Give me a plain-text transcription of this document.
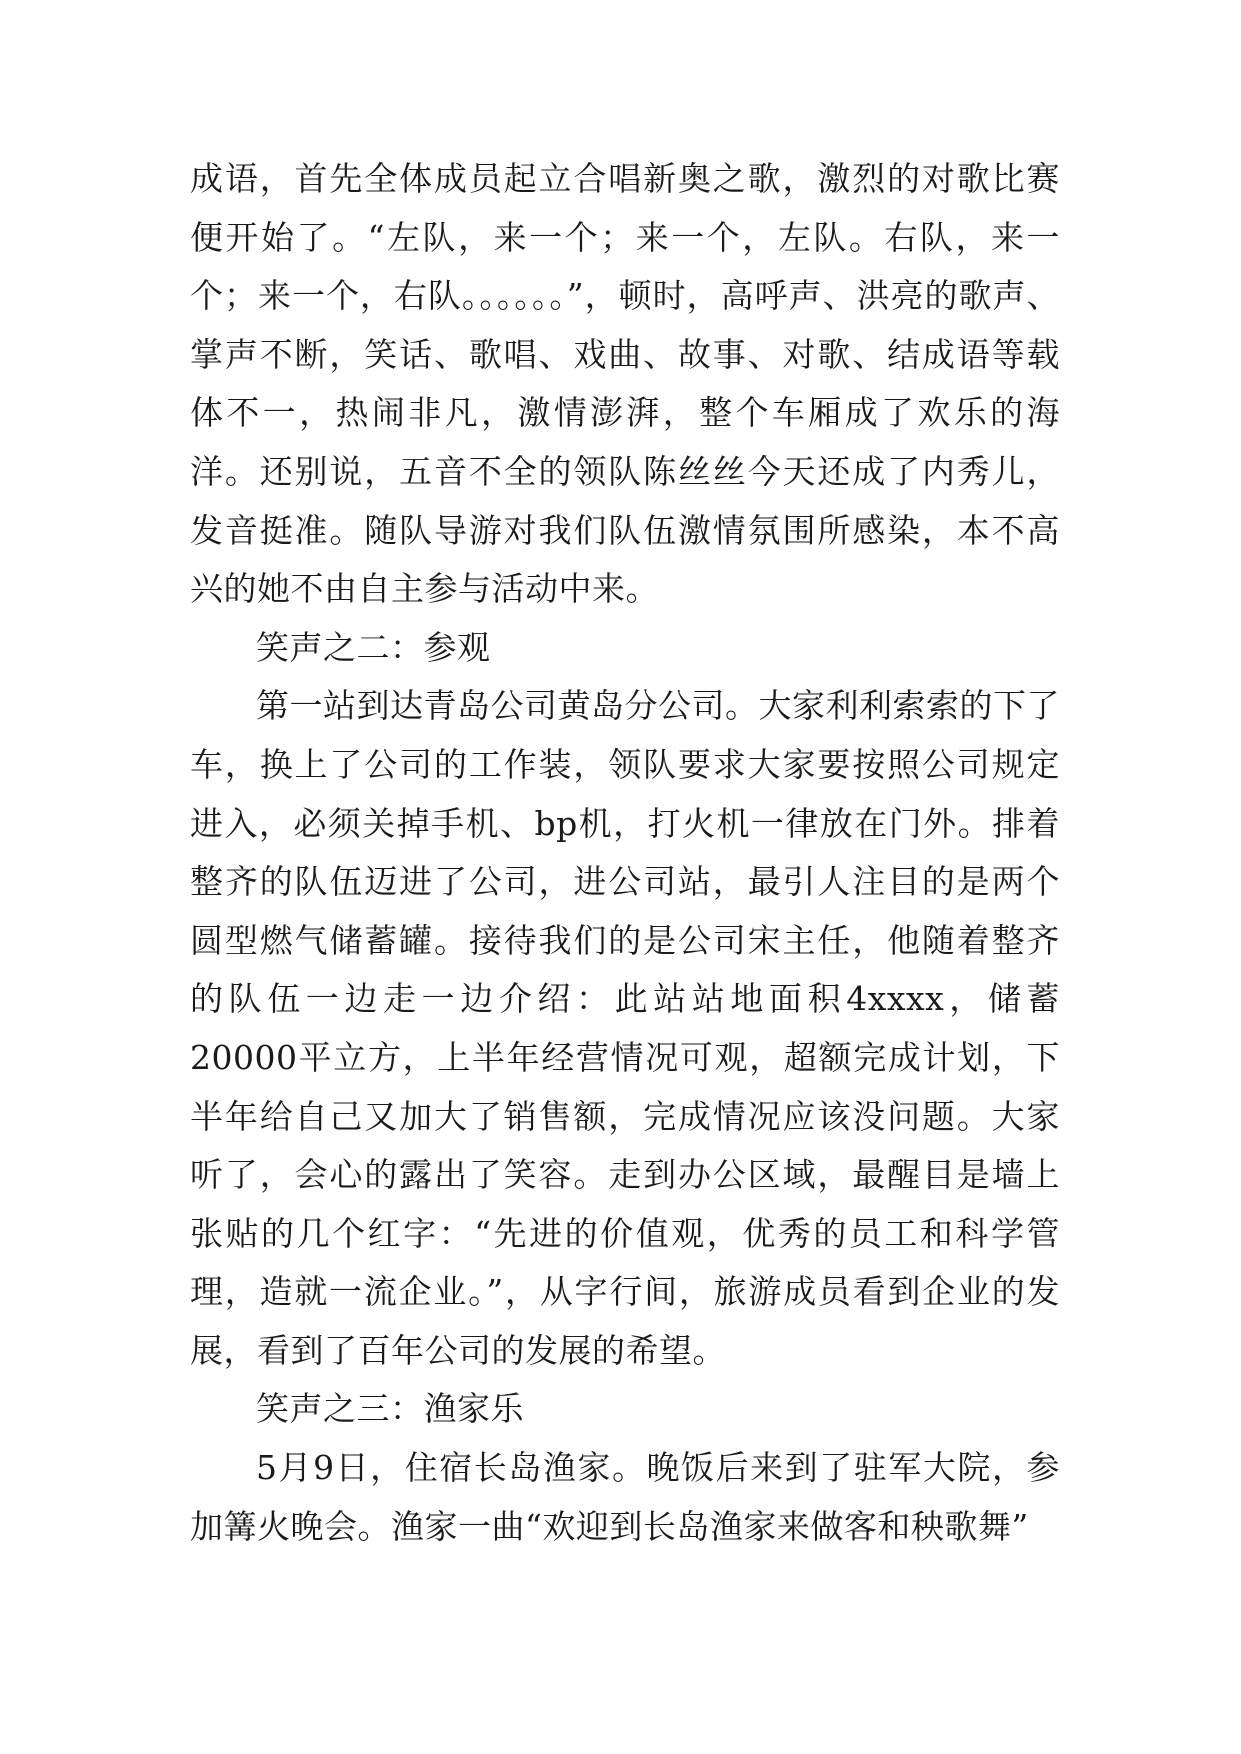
成语，首先全体成员起立合唱新奥之歌，激烈的对歌比赛便开始了。“左队，来一个；来一个，左队。右队，来一个；来一个，右队。。。。。。”，顿时，高呼声、洪亮的歌声、掌声不断，笑话、歌唱、戏曲、故事、对歌、结成语等载体不一，热闹非凡，激情澎湃，整个车厢成了欢乐的海洋。还别说，五音不全的领队陈丝丝今天还成了内秀儿，发音挺准。随队导游对我们队伍激情氛围所感染，本不高兴的她不由自主参与活动中来。

笑声之二：参观

第一站到达青岛公司黄岛分公司。大家利利索索的下了车，换上了公司的工作装，领队要求大家要按照公司规定进入，必须关掉手机、bp机，打火机一律放在门外。排着整齐的队伍迈进了公司，进公司站，最引人注目的是两个圆型燃气储蓄罐。接待我们的是公司宋主任，他随着整齐的队伍一边走一边介绍：此站站地面积4xxxx，储蓄20000平立方，上半年经营情况可观，超额完成计划，下半年给自己又加大了销售额，完成情况应该没问题。大家听了，会心的露出了笑容。走到办公区域，最醒目是墙上张贴的几个红字：“先进的价值观，优秀的员工和科学管理，造就一流企业。”，从字行间，旅游成员看到企业的发展，看到了百年公司的发展的希望。

笑声之三：渔家乐

5月9日，住宿长岛渔家。晚饭后来到了驻军大院，参加篝火晚会。渔家一曲“欢迎到长岛渔家来做客和秧歌舞”
